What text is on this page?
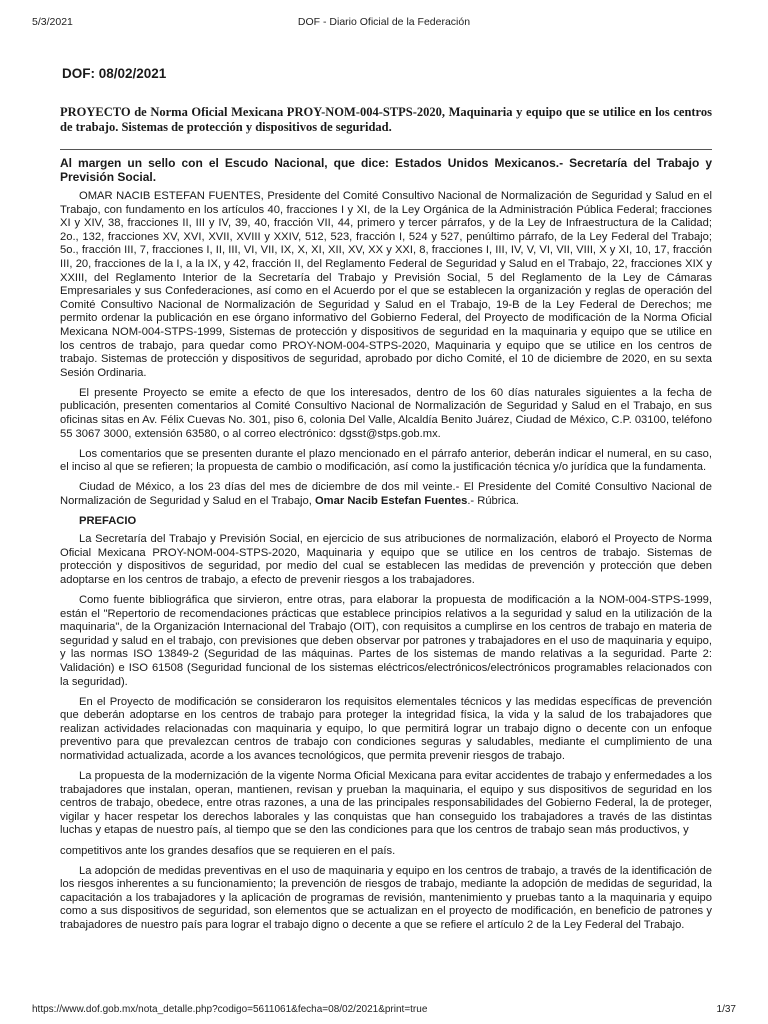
5/3/2021	DOF - Diario Oficial de la Federación
DOF: 08/02/2021
PROYECTO de Norma Oficial Mexicana PROY-NOM-004-STPS-2020, Maquinaria y equipo que se utilice en los centros de trabajo. Sistemas de protección y dispositivos de seguridad.
Al margen un sello con el Escudo Nacional, que dice: Estados Unidos Mexicanos.- Secretaría del Trabajo y Previsión Social.

OMAR NACIB ESTEFAN FUENTES, Presidente del Comité Consultivo Nacional de Normalización de Seguridad y Salud en el Trabajo, con fundamento en los artículos 40, fracciones I y XI, de la Ley Orgánica de la Administración Pública Federal; fracciones XI y XIV, 38, fracciones II, III y IV, 39, 40, fracción VII, 44, primero y tercer párrafos, y de la Ley de Infraestructura de la Calidad; 2o., 132, fracciones XV, XVI, XVII, XVIII y XXIV, 512, 523, fracción I, 524 y 527, penúltimo párrafo, de la Ley Federal del Trabajo; 5o., fracción III, 7, fracciones I, II, III, VI, VII, IX, X, XI, XII, XV, XX y XXI, 8, fracciones I, III, IV, V, VI, VII, VIII, X y XI, 10, 17, fracción III, 20, fracciones de la I, a la IX, y 42, fracción II, del Reglamento Federal de Seguridad y Salud en el Trabajo, 22, fracciones XIX y XXIII, del Reglamento Interior de la Secretaría del Trabajo y Previsión Social, 5 del Reglamento de la Ley de Cámaras Empresariales y sus Confederaciones, así como en el Acuerdo por el que se establecen la organización y reglas de operación del Comité Consultivo Nacional de Normalización de Seguridad y Salud en el Trabajo, 19-B de la Ley Federal de Derechos; me permito ordenar la publicación en ese órgano informativo del Gobierno Federal, del Proyecto de modificación de la Norma Oficial Mexicana NOM-004-STPS-1999, Sistemas de protección y dispositivos de seguridad en la maquinaria y equipo que se utilice en los centros de trabajo, para quedar como PROY-NOM-004-STPS-2020, Maquinaria y equipo que se utilice en los centros de trabajo. Sistemas de protección y dispositivos de seguridad, aprobado por dicho Comité, el 10 de diciembre de 2020, en su sexta Sesión Ordinaria.

El presente Proyecto se emite a efecto de que los interesados, dentro de los 60 días naturales siguientes a la fecha de publicación, presenten comentarios al Comité Consultivo Nacional de Normalización de Seguridad y Salud en el Trabajo, en sus oficinas sitas en Av. Félix Cuevas No. 301, piso 6, colonia Del Valle, Alcaldía Benito Juárez, Ciudad de México, C.P. 03100, teléfono 55 3067 3000, extensión 63580, o al correo electrónico: dgsst@stps.gob.mx.

Los comentarios que se presenten durante el plazo mencionado en el párrafo anterior, deberán indicar el numeral, en su caso, el inciso al que se refieren; la propuesta de cambio o modificación, así como la justificación técnica y/o jurídica que la fundamenta.

Ciudad de México, a los 23 días del mes de diciembre de dos mil veinte.- El Presidente del Comité Consultivo Nacional de Normalización de Seguridad y Salud en el Trabajo, Omar Nacib Estefan Fuentes.- Rúbrica.

PREFACIO

La Secretaría del Trabajo y Previsión Social, en ejercicio de sus atribuciones de normalización, elaboró el Proyecto de Norma Oficial Mexicana PROY-NOM-004-STPS-2020, Maquinaria y equipo que se utilice en los centros de trabajo. Sistemas de protección y dispositivos de seguridad, por medio del cual se establecen las medidas de prevención y protección que deben adoptarse en los centros de trabajo, a efecto de prevenir riesgos a los trabajadores.

Como fuente bibliográfica que sirvieron, entre otras, para elaborar la propuesta de modificación a la NOM-004-STPS-1999, están el "Repertorio de recomendaciones prácticas que establece principios relativos a la seguridad y salud en la utilización de la maquinaria", de la Organización Internacional del Trabajo (OIT), con requisitos a cumplirse en los centros de trabajo en materia de seguridad y salud en el trabajo, con previsiones que deben observar por patrones y trabajadores en el uso de maquinaria y equipo, y las normas ISO 13849-2 (Seguridad de las máquinas. Partes de los sistemas de mando relativas a la seguridad. Parte 2: Validación) e ISO 61508 (Seguridad funcional de los sistemas eléctricos/electrónicos/electrónicos programables relacionados con la seguridad).

En el Proyecto de modificación se consideraron los requisitos elementales técnicos y las medidas específicas de prevención que deberán adoptarse en los centros de trabajo para proteger la integridad física, la vida y la salud de los trabajadores que realizan actividades relacionadas con maquinaria y equipo, lo que permitirá lograr un trabajo digno o decente con un enfoque preventivo para que prevalezcan centros de trabajo con condiciones seguras y saludables, mediante el cumplimiento de una normatividad actualizada, acorde a los avances tecnológicos, que permita prevenir riesgos de trabajo.

La propuesta de la modernización de la vigente Norma Oficial Mexicana para evitar accidentes de trabajo y enfermedades a los trabajadores que instalan, operan, mantienen, revisan y prueban la maquinaria, el equipo y sus dispositivos de seguridad en los centros de trabajo, obedece, entre otras razones, a una de las principales responsabilidades del Gobierno Federal, la de proteger, vigilar y hacer respetar los derechos laborales y las conquistas que han conseguido los trabajadores a través de las distintas luchas y etapas de nuestro país, al tiempo que se den las condiciones para que los centros de trabajo sean más productivos, y

competitivos ante los grandes desafíos que se requieren en el país.

La adopción de medidas preventivas en el uso de maquinaria y equipo en los centros de trabajo, a través de la identificación de los riesgos inherentes a su funcionamiento; la prevención de riesgos de trabajo, mediante la adopción de medidas de seguridad, la capacitación a los trabajadores y la aplicación de programas de revisión, mantenimiento y pruebas tanto a la maquinaria y equipo como a sus dispositivos de seguridad, son elementos que se actualizan en el proyecto de modificación, en beneficio de patrones y trabajadores de nuestro país para lograr el trabajo digno o decente a que se refiere el artículo 2 de la Ley Federal del Trabajo.

https://www.dof.gob.mx/nota_detalle.php?codigo=5611061&fecha=08/02/2021&print=true	1/37
